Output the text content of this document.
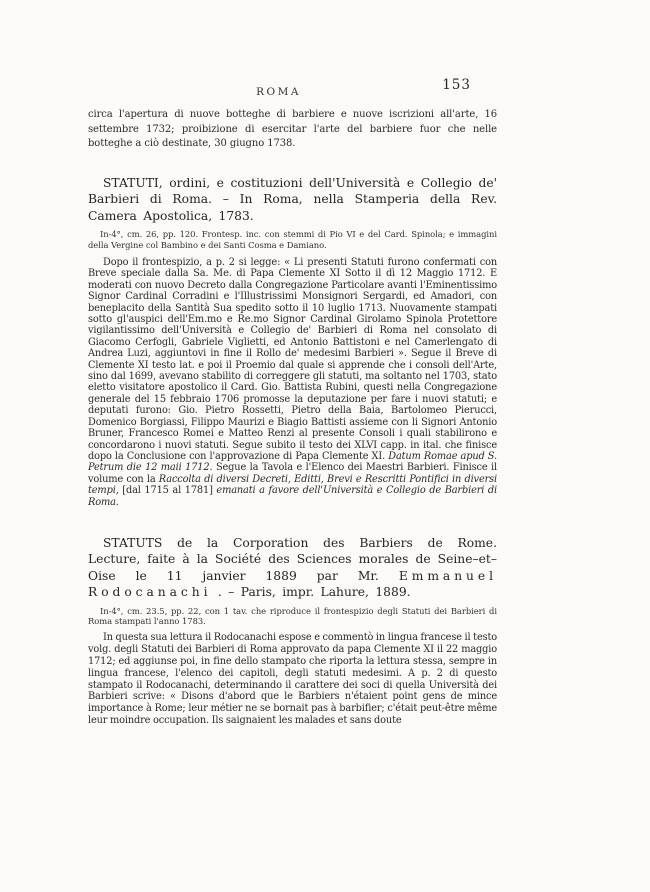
ROMA	153

circa l'apertura di nuove botteghe di barbiere e nuove iscrizioni all'arte, 16 settembre 1732; proibizione di esercitar l'arte del barbiere fuor che nelle botteghe a ciò destinate, 30 giugno 1738.

STATUTI, ordini, e costituzioni dell'Università e Collegio de' Barbieri di Roma. – In Roma, nella Stamperia della Rev. Camera Apostolica, 1783.

In-4°, cm. 26, pp. 120. Frontesp. inc. con stemmi di Pio VI e del Card. Spinola; e immagini della Vergine col Bambino e dei Santi Cosma e Damiano.

Dopo il frontespizio, a p. 2 si legge: « Li presenti Statuti furono confermati con Breve speciale dalla Sa. Me. di Papa Clemente XI Sotto il dì 12 Maggio 1712. E moderati con nuovo Decreto dalla Congregazione Particolare avanti l'Eminentissimo Signor Cardinal Corradini e l'Illustrissimi Monsignori Sergardi, ed Amadori, con beneplacito della Santità Sua spedito sotto il 10 luglio 1713. Nuovamente stampati sotto gl'auspici dell'Em.mo e Re.mo Signor Cardinal Girolamo Spinola Protettore vigilantissimo dell'Università e Collegio de' Barbieri di Roma nel consolato di Giacomo Cerfogli, Gabriele Viglietti, ed Antonio Battistoni e nel Camerlengato di Andrea Luzi, aggiuntovi in fine il Rollo de' medesimi Barbieri ». Segue il Breve di Clemente XI testo lat. e poi il Proemio dal quale si apprende che i consoli dell'Arte, sino dal 1699, avevano stabilito di correggere gli statuti, ma soltanto nel 1703, stato eletto visitatore apostolico il Card. Gio. Battista Rubini, questi nella Congregazione generale del 15 febbraio 1706 promosse la deputazione per fare i nuovi statuti; e deputati furono: Gio. Pietro Rossetti, Pietro della Baia, Bartolomeo Pierucci, Domenico Borgiassi, Filippo Maurizi e Biagio Battisti assieme con li Signori Antonio Bruner, Francesco Romei e Matteo Renzi al presente Consoli i quali stabilirono e concordarono i nuovi statuti. Segue subito il testo dei XLVI capp. in ital. che finisce dopo la Conclusione con l'approvazione di Papa Clemente XI. Datum Romae apud S. Petrum die 12 maii 1712. Segue la Tavola e l'Elenco dei Maestri Barbieri. Finisce il volume con la Raccolta di diversi Decreti, Editti, Brevi e Rescritti Pontifici in diversi tempi, [dal 1715 al 1781] emanati a favore dell'Università e Collegio de Barbieri di Roma.

STATUTS de la Corporation des Barbiers de Rome. Lecture, faite à la Société des Sciences morales de Seine–et–Oise le 11 janvier 1889 par Mr. Emmanuel Rodocanachi . – Paris, impr. Lahure, 1889.

In-4°, cm. 23.5, pp. 22, con 1 tav. che riproduce il frontespizio degli Statuti dei Barbieri di Roma stampati l'anno 1783.

In questa sua lettura il Rodocanachi espose e commentò in lingua francese il testo volg. degli Statuti dei Barbieri di Roma approvato da papa Clemente XI il 22 maggio 1712; ed aggiunse poi, in fine dello stampato che riporta la lettura stessa, sempre in lingua francese, l'elenco dei capitoli, degli statuti medesimi. A p. 2 di questo stampato il Rodocanachi, determinando il carattere dei soci di quella Università dei Barbieri scrive: « Disons d'abord que le Barbiers n'étaient point gens de mince importance à Rome; leur métier ne se bornait pas à barbifier; c'était peut-être même leur moindre occupation. Ils saignaient les malades et sans doute
